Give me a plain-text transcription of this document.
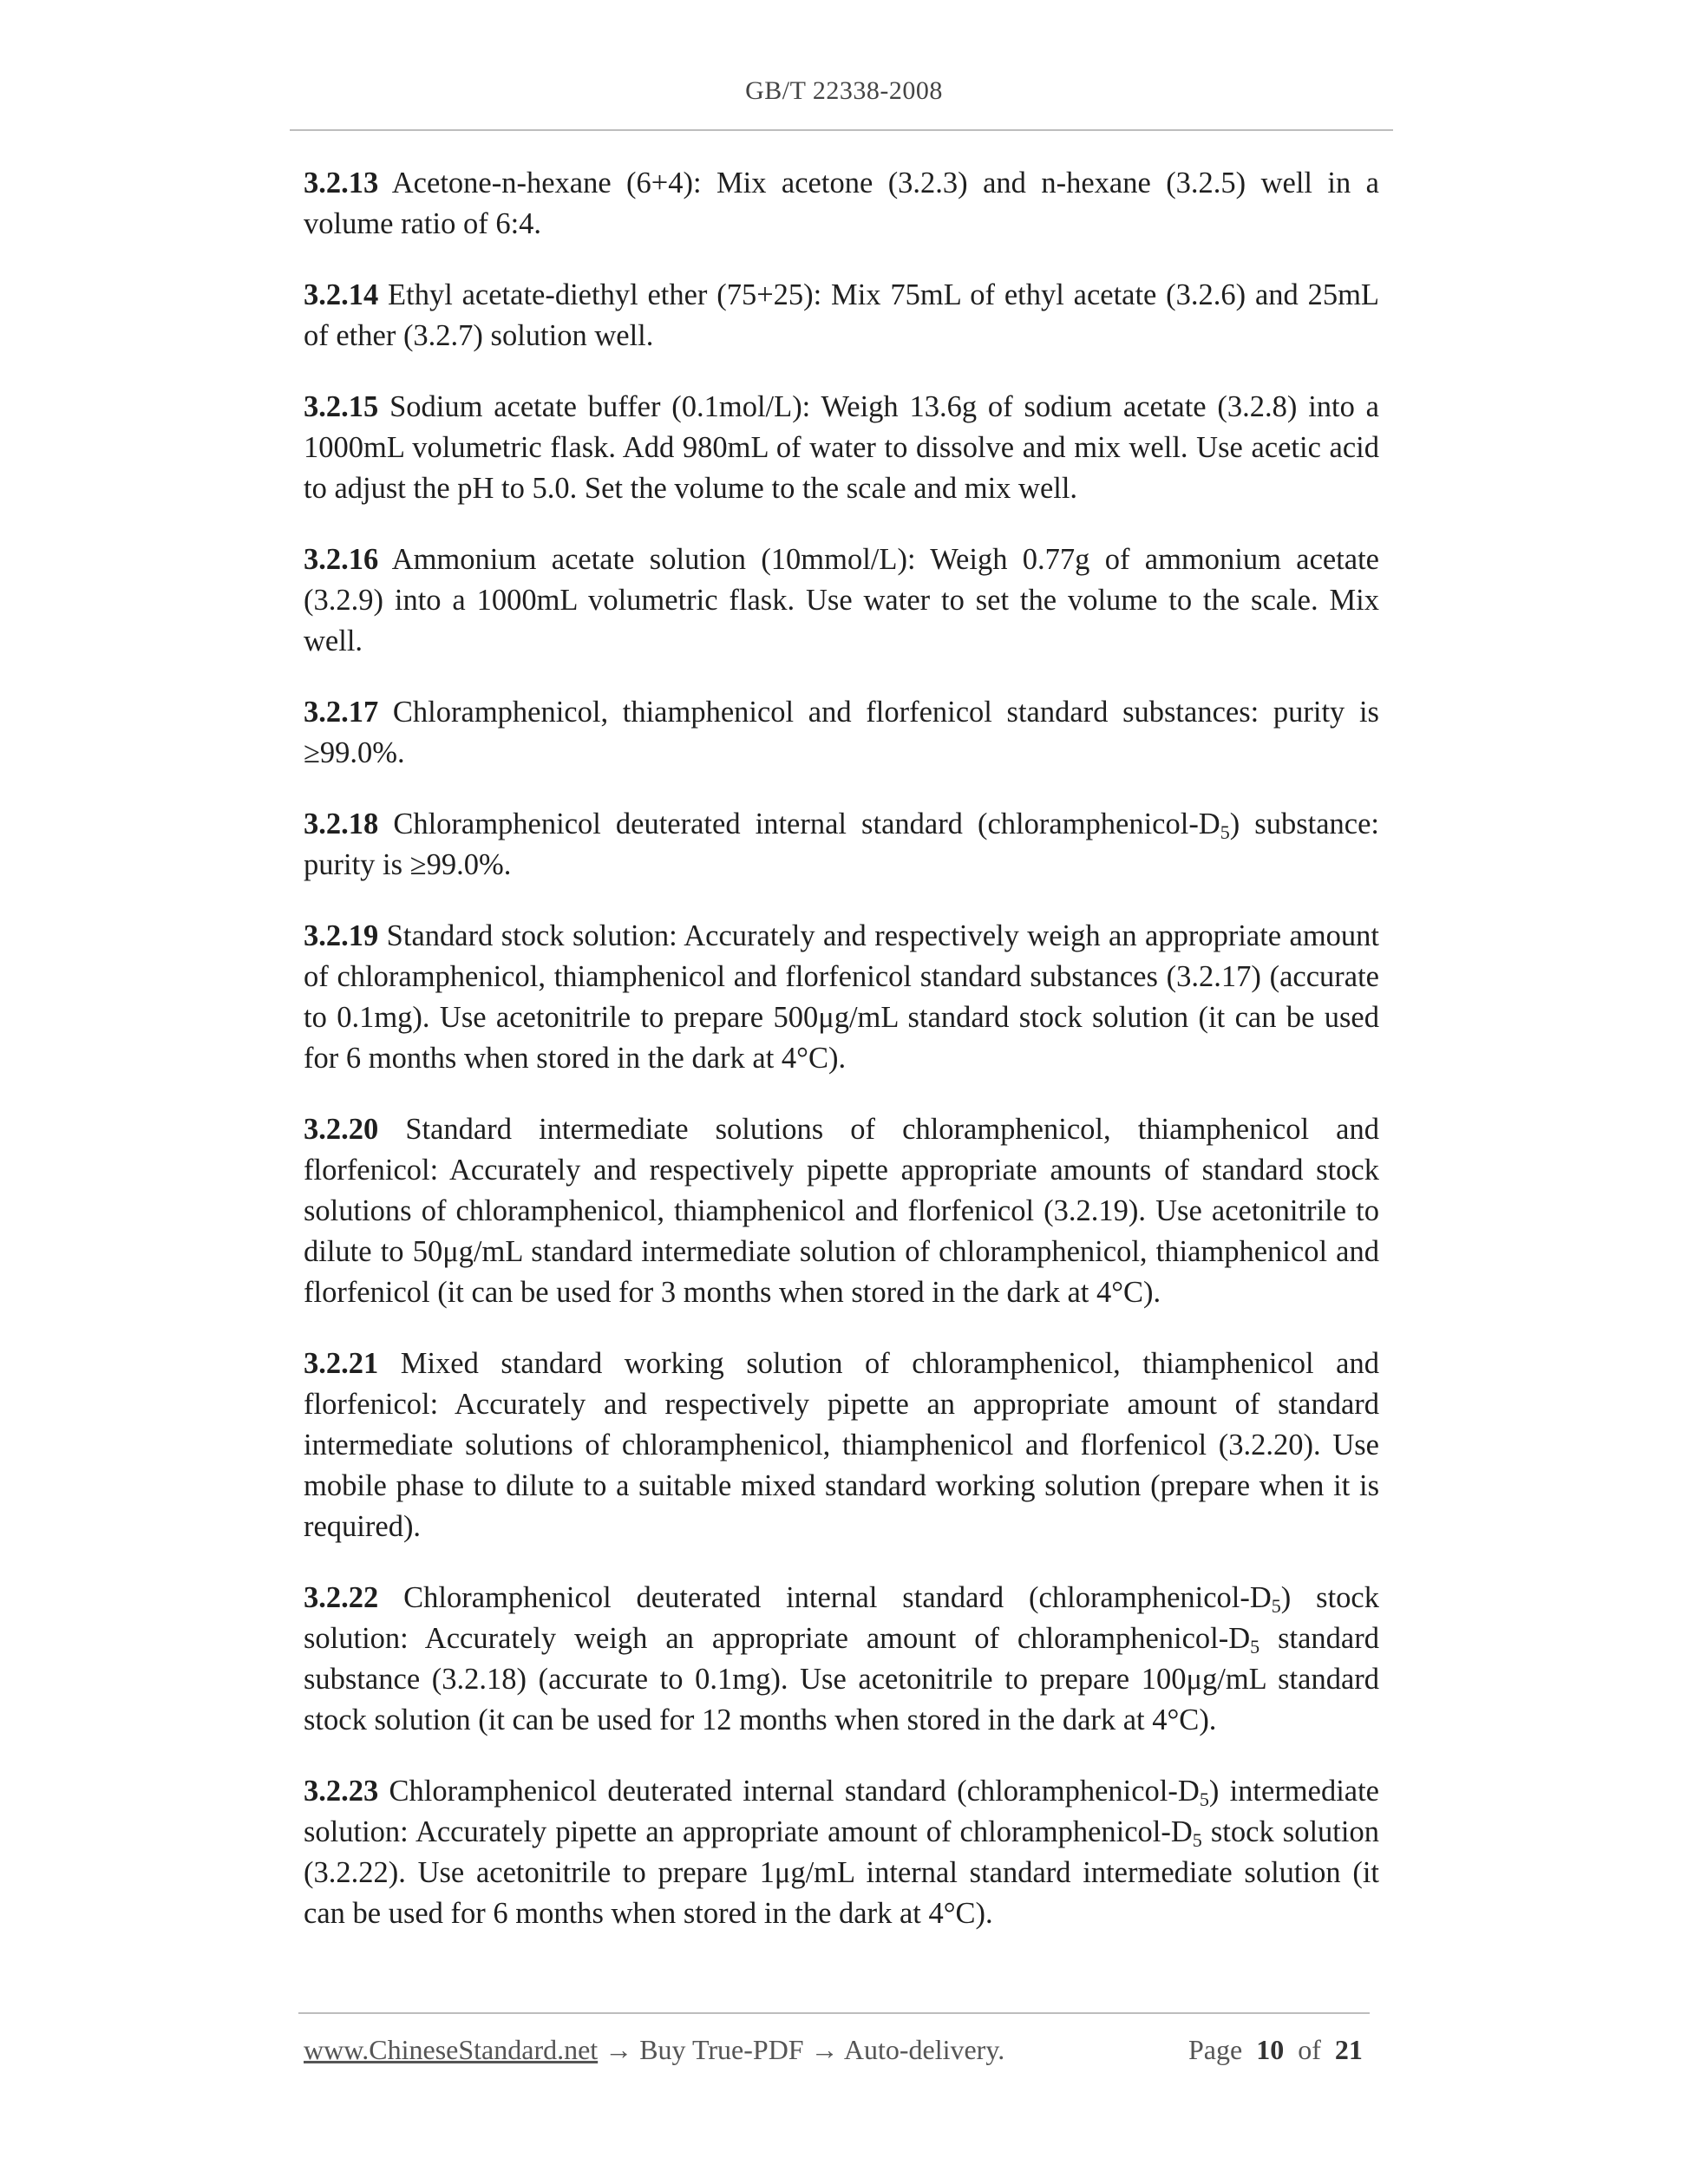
GB/T 22338-2008

3.2.13 Acetone-n-hexane (6+4): Mix acetone (3.2.3) and n-hexane (3.2.5) well in a volume ratio of 6:4.

3.2.14 Ethyl acetate-diethyl ether (75+25): Mix 75mL of ethyl acetate (3.2.6) and 25mL of ether (3.2.7) solution well.

3.2.15 Sodium acetate buffer (0.1mol/L): Weigh 13.6g of sodium acetate (3.2.8) into a 1000mL volumetric flask. Add 980mL of water to dissolve and mix well. Use acetic acid to adjust the pH to 5.0. Set the volume to the scale and mix well.

3.2.16 Ammonium acetate solution (10mmol/L): Weigh 0.77g of ammonium acetate (3.2.9) into a 1000mL volumetric flask. Use water to set the volume to the scale. Mix well.

3.2.17 Chloramphenicol, thiamphenicol and florfenicol standard substances: purity is ≥99.0%.

3.2.18 Chloramphenicol deuterated internal standard (chloramphenicol-D5) substance: purity is ≥99.0%.

3.2.19 Standard stock solution: Accurately and respectively weigh an appropriate amount of chloramphenicol, thiamphenicol and florfenicol standard substances (3.2.17) (accurate to 0.1mg). Use acetonitrile to prepare 500μg/mL standard stock solution (it can be used for 6 months when stored in the dark at 4°C).

3.2.20 Standard intermediate solutions of chloramphenicol, thiamphenicol and florfenicol: Accurately and respectively pipette appropriate amounts of standard stock solutions of chloramphenicol, thiamphenicol and florfenicol (3.2.19). Use acetonitrile to dilute to 50μg/mL standard intermediate solution of chloramphenicol, thiamphenicol and florfenicol (it can be used for 3 months when stored in the dark at 4°C).

3.2.21 Mixed standard working solution of chloramphenicol, thiamphenicol and florfenicol: Accurately and respectively pipette an appropriate amount of standard intermediate solutions of chloramphenicol, thiamphenicol and florfenicol (3.2.20). Use mobile phase to dilute to a suitable mixed standard working solution (prepare when it is required).

3.2.22 Chloramphenicol deuterated internal standard (chloramphenicol-D5) stock solution: Accurately weigh an appropriate amount of chloramphenicol-D5 standard substance (3.2.18) (accurate to 0.1mg). Use acetonitrile to prepare 100μg/mL standard stock solution (it can be used for 12 months when stored in the dark at 4°C).

3.2.23 Chloramphenicol deuterated internal standard (chloramphenicol-D5) intermediate solution: Accurately pipette an appropriate amount of chloramphenicol-D5 stock solution (3.2.22). Use acetonitrile to prepare 1μg/mL internal standard intermediate solution (it can be used for 6 months when stored in the dark at 4°C).

www.ChineseStandard.net → Buy True-PDF → Auto-delivery.	Page 10 of 21
